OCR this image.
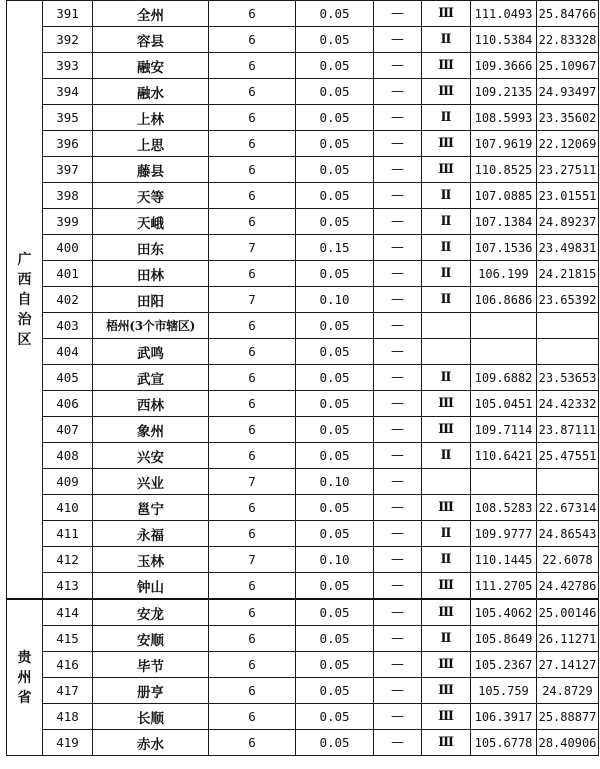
广西自治区	391	全州	6	0.05	—	Ⅲ	111.0493	25.84766
	392	容县	6	0.05	—	Ⅱ	110.5384	22.83328
	393	融安	6	0.05	—	Ⅲ	109.3666	25.10967
	394	融水	6	0.05	—	Ⅲ	109.2135	24.93497
	395	上林	6	0.05	—	Ⅱ	108.5993	23.35602
	396	上思	6	0.05	—	Ⅲ	107.9619	22.12069
	397	藤县	6	0.05	—	Ⅲ	110.8525	23.27511
	398	天等	6	0.05	—	Ⅱ	107.0885	23.01551
	399	天峨	6	0.05	—	Ⅱ	107.1384	24.89237
	400	田东	7	0.15	—	Ⅱ	107.1536	23.49831
	401	田林	6	0.05	—	Ⅱ	106.199	24.21815
	402	田阳	7	0.10	—	Ⅱ	106.8686	23.65392
	403	梧州(3个市辖区)	6	0.05	—			
	404	武鸣	6	0.05	—			
	405	武宣	6	0.05	—	Ⅱ	109.6882	23.53653
	406	西林	6	0.05	—	Ⅲ	105.0451	24.42332
	407	象州	6	0.05	—	Ⅲ	109.7114	23.87111
	408	兴安	6	0.05	—	Ⅱ	110.6421	25.47551
	409	兴业	7	0.10	—			
	410	邕宁	6	0.05	—	Ⅲ	108.5283	22.67314
	411	永福	6	0.05	—	Ⅱ	109.9777	24.86543
	412	玉林	7	0.10	—	Ⅱ	110.1445	22.6078
	413	钟山	6	0.05	—	Ⅲ	111.2705	24.42786
贵州省	414	安龙	6	0.05	—	Ⅲ	105.4062	25.00146
	415	安顺	6	0.05	—	Ⅱ	105.8649	26.11271
	416	毕节	6	0.05	—	Ⅲ	105.2367	27.14127
	417	册亨	6	0.05	—	Ⅲ	105.759	24.8729
	418	长顺	6	0.05	—	Ⅲ	106.3917	25.88877
	419	赤水	6	0.05	—	Ⅲ	105.6778	28.40906
